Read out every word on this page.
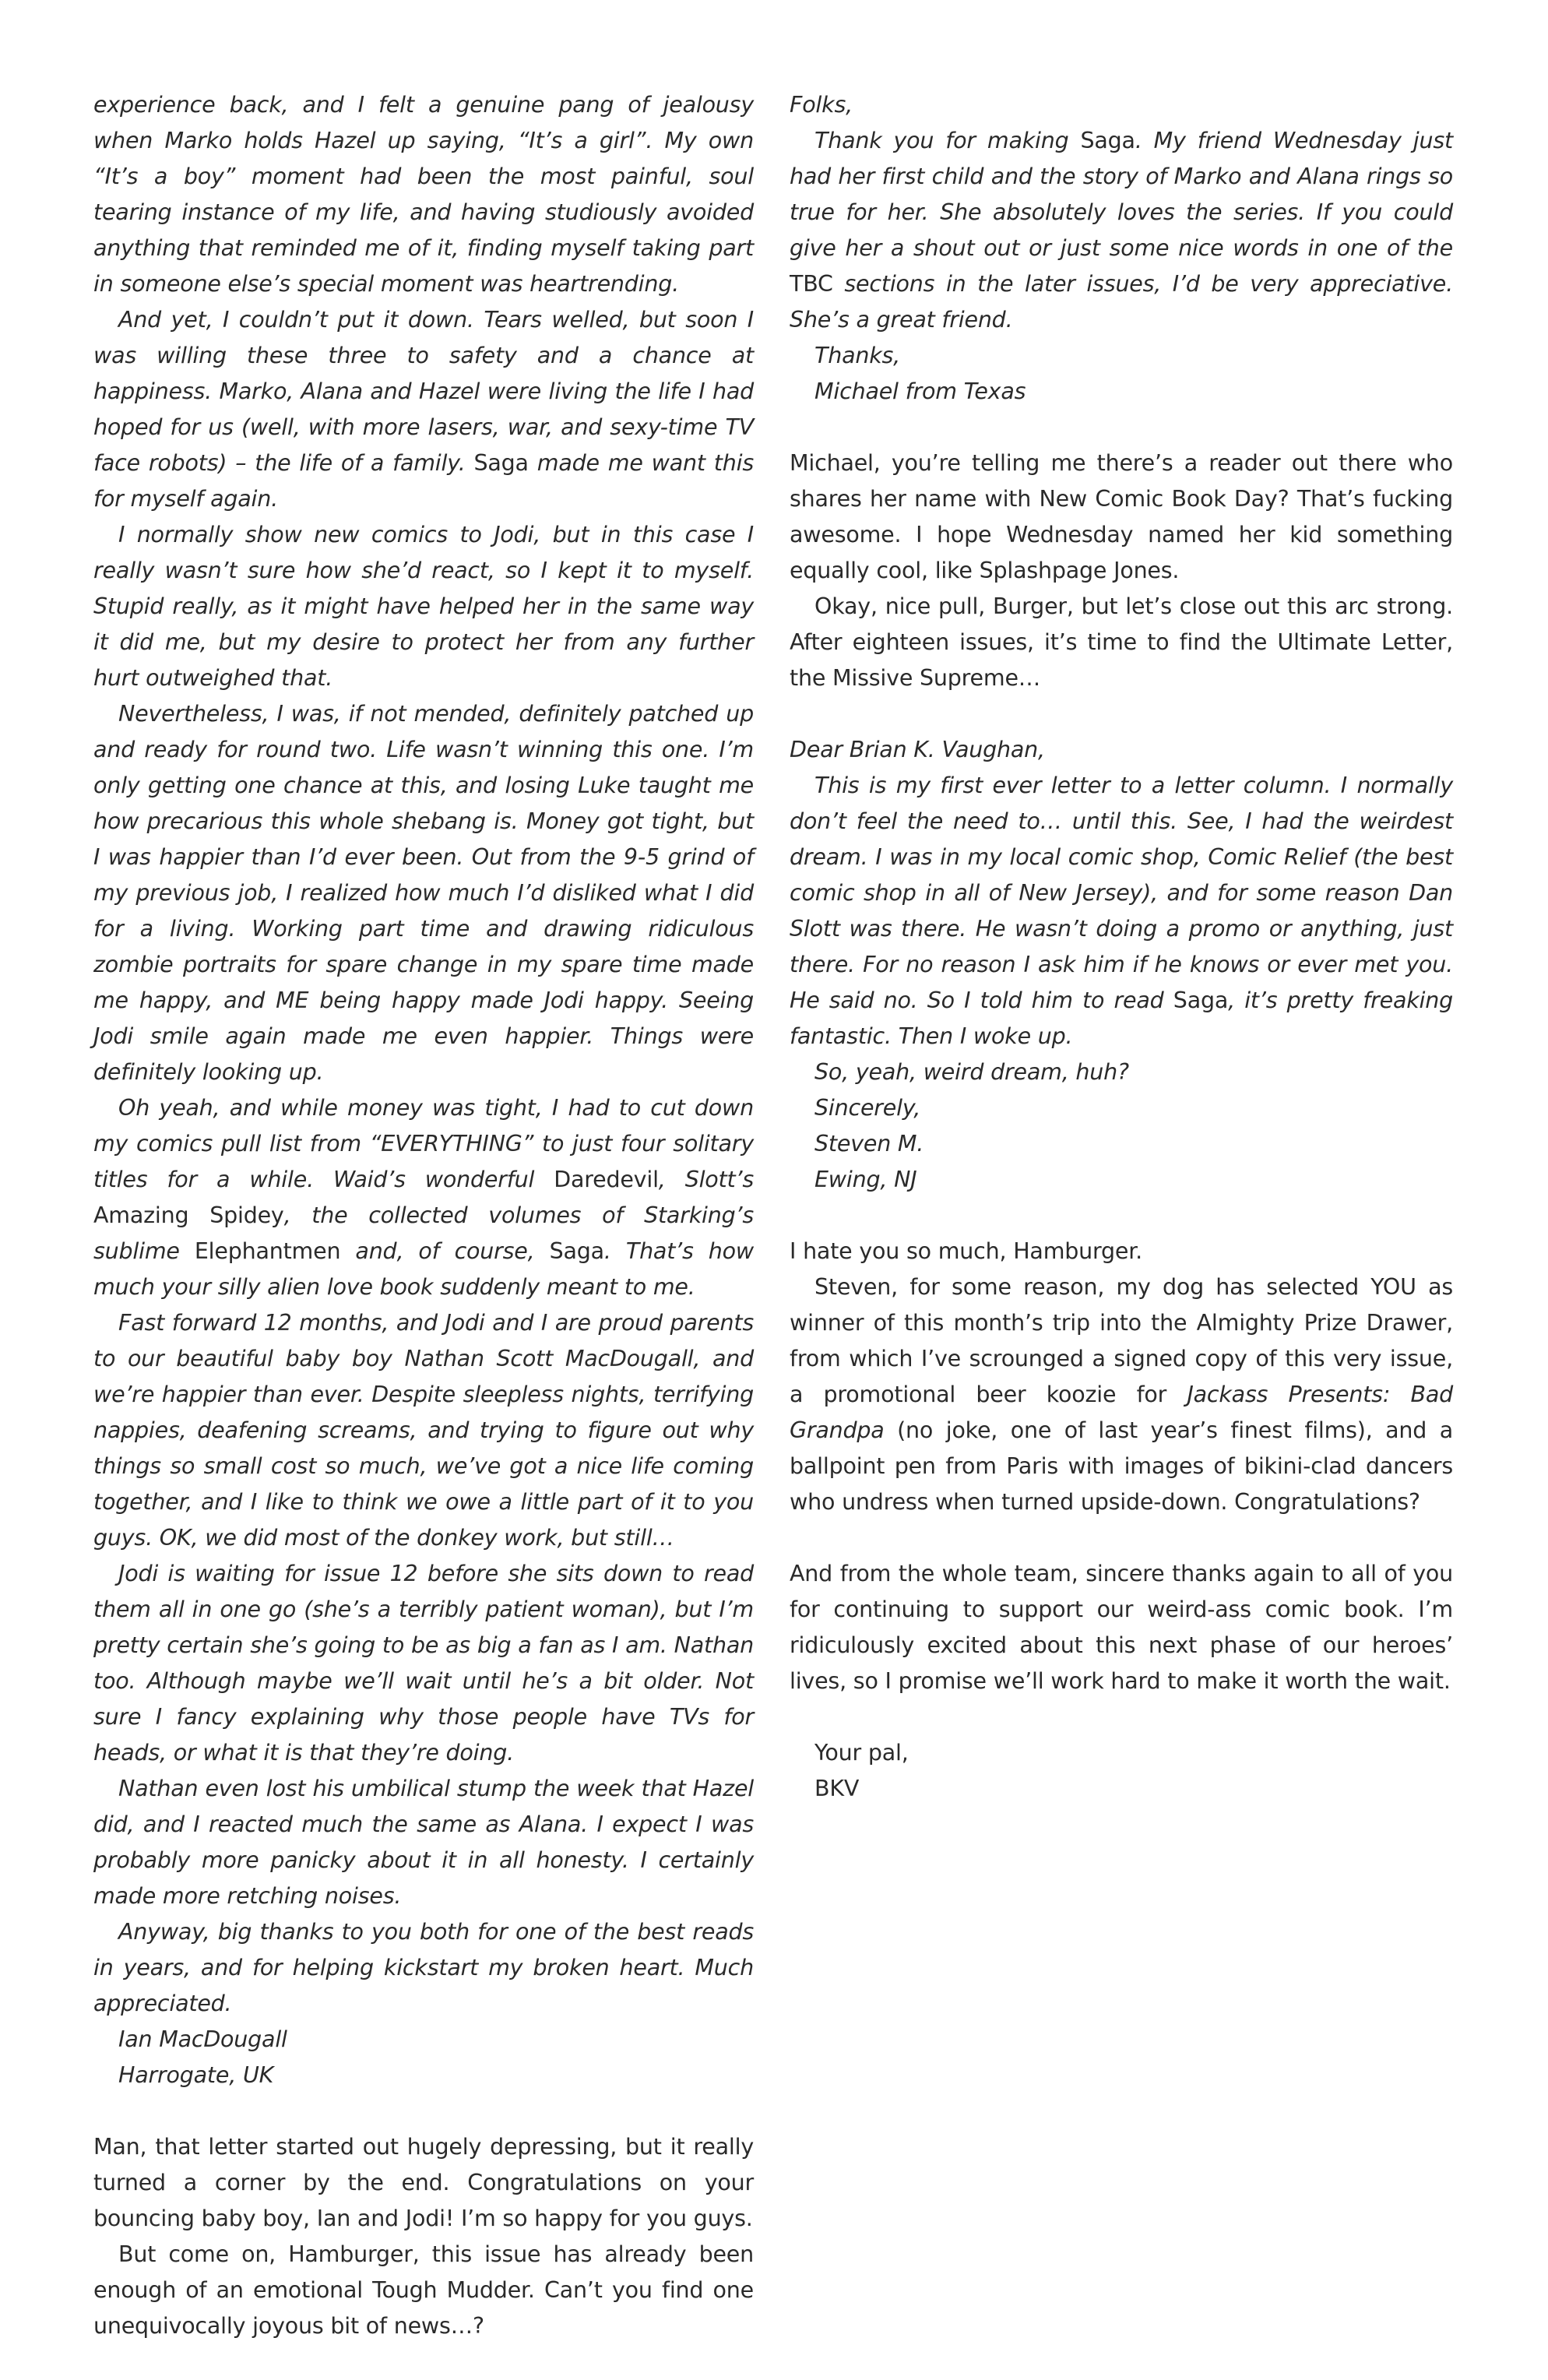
experience back, and I felt a genuine pang of jealousy when Marko holds Hazel up saying, “It’s a girl”. My own “It’s a boy” moment had been the most painful, soul tearing instance of my life, and having studiously avoided anything that reminded me of it, finding myself taking part in someone else’s special moment was heartrending.

And yet, I couldn’t put it down. Tears welled, but soon I was willing these three to safety and a chance at happiness. Marko, Alana and Hazel were living the life I had hoped for us (well, with more lasers, war, and sexy-time TV face robots) – the life of a family. Saga made me want this for myself again.

I normally show new comics to Jodi, but in this case I really wasn’t sure how she’d react, so I kept it to myself. Stupid really, as it might have helped her in the same way it did me, but my desire to protect her from any further hurt outweighed that.

Nevertheless, I was, if not mended, definitely patched up and ready for round two. Life wasn’t winning this one. I’m only getting one chance at this, and losing Luke taught me how precarious this whole shebang is. Money got tight, but I was happier than I’d ever been. Out from the 9-5 grind of my previous job, I realized how much I’d disliked what I did for a living. Working part time and drawing ridiculous zombie portraits for spare change in my spare time made me happy, and ME being happy made Jodi happy. Seeing Jodi smile again made me even happier. Things were definitely looking up.

Oh yeah, and while money was tight, I had to cut down my comics pull list from “EVERYTHING” to just four solitary titles for a while. Waid’s wonderful Daredevil, Slott’s Amazing Spidey, the collected volumes of Starking’s sublime Elephantmen and, of course, Saga. That’s how much your silly alien love book suddenly meant to me.

Fast forward 12 months, and Jodi and I are proud parents to our beautiful baby boy Nathan Scott MacDougall, and we’re happier than ever. Despite sleepless nights, terrifying nappies, deafening screams, and trying to figure out why things so small cost so much, we’ve got a nice life coming together, and I like to think we owe a little part of it to you guys. OK, we did most of the donkey work, but still…

Jodi is waiting for issue 12 before she sits down to read them all in one go (she’s a terribly patient woman), but I’m pretty certain she’s going to be as big a fan as I am. Nathan too. Although maybe we’ll wait until he’s a bit older. Not sure I fancy explaining why those people have TVs for heads, or what it is that they’re doing.

Nathan even lost his umbilical stump the week that Hazel did, and I reacted much the same as Alana. I expect I was probably more panicky about it in all honesty. I certainly made more retching noises.

Anyway, big thanks to you both for one of the best reads in years, and for helping kickstart my broken heart. Much appreciated.

Ian MacDougall

Harrogate, UK

Man, that letter started out hugely depressing, but it really turned a corner by the end. Congratulations on your bouncing baby boy, Ian and Jodi! I’m so happy for you guys.

But come on, Hamburger, this issue has already been enough of an emotional Tough Mudder. Can’t you find one unequivocally joyous bit of news…?

Folks,

Thank you for making Saga. My friend Wednesday just had her first child and the story of Marko and Alana rings so true for her. She absolutely loves the series. If you could give her a shout out or just some nice words in one of the TBC sections in the later issues, I’d be very appreciative. She’s a great friend.

Thanks,

Michael from Texas

Michael, you’re telling me there’s a reader out there who shares her name with New Comic Book Day? That’s fucking awesome. I hope Wednesday named her kid something equally cool, like Splashpage Jones.

Okay, nice pull, Burger, but let’s close out this arc strong. After eighteen issues, it’s time to find the Ultimate Letter, the Missive Supreme…

Dear Brian K. Vaughan,

This is my first ever letter to a letter column. I normally don’t feel the need to… until this. See, I had the weirdest dream. I was in my local comic shop, Comic Relief (the best comic shop in all of New Jersey), and for some reason Dan Slott was there. He wasn’t doing a promo or anything, just there. For no reason I ask him if he knows or ever met you. He said no. So I told him to read Saga, it’s pretty freaking fantastic. Then I woke up.

So, yeah, weird dream, huh?

Sincerely,

Steven M.

Ewing, NJ

I hate you so much, Hamburger.

Steven, for some reason, my dog has selected YOU as winner of this month’s trip into the Almighty Prize Drawer, from which I’ve scrounged a signed copy of this very issue, a promotional beer koozie for Jackass Presents: Bad Grandpa (no joke, one of last year’s finest films), and a ballpoint pen from Paris with images of bikini-clad dancers who undress when turned upside-down. Congratulations?

And from the whole team, sincere thanks again to all of you for continuing to support our weird-ass comic book. I’m ridiculously excited about this next phase of our heroes’ lives, so I promise we’ll work hard to make it worth the wait.

Your pal,

BKV
